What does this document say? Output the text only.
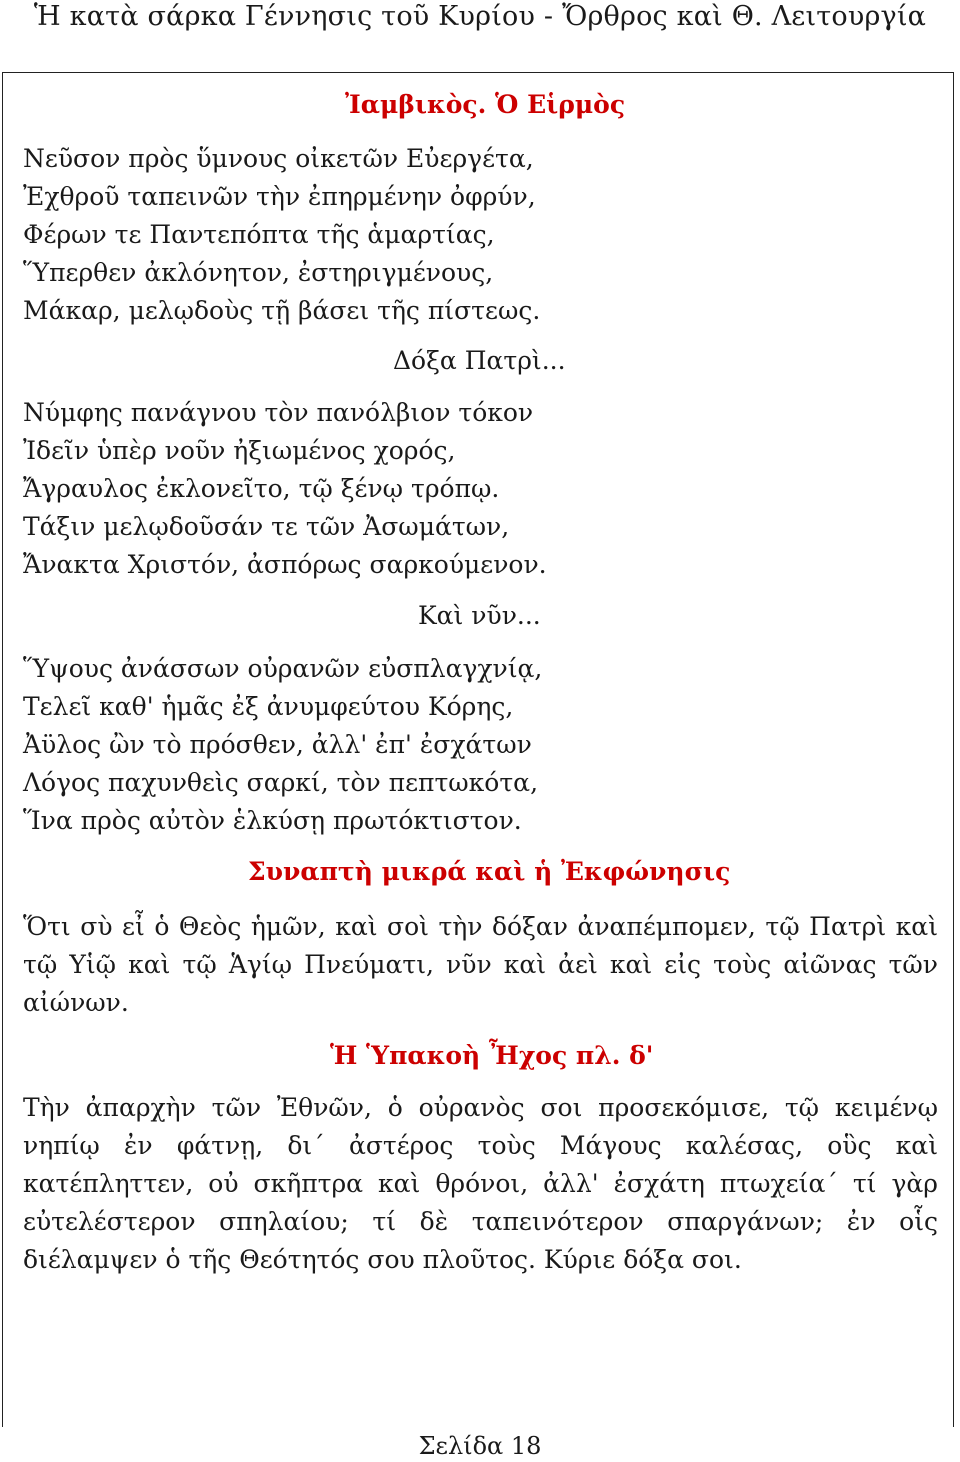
Ἡ κατὰ σάρκα Γέννησις τοῦ Κυρίου - Ὄρθρος καὶ Θ. Λειτουργία
Ἰαμβικὸς. Ὁ Εἱρμὸς
Νεῦσον πρὸς ὕμνους οἰκετῶν Εὐεργέτα,
Ἐχθροῦ ταπεινῶν τὴν ἐπηρμένην ὀφρύν,
Φέρων τε Παντεπόπτα τῆς ἁμαρτίας,
Ὕπερθεν ἀκλόνητον, ἐστηριγμένους,
Μάκαρ, μελῳδοὺς τῇ βάσει τῆς πίστεως.
Δόξα Πατρὶ...
Νύμφης πανάγνου τὸν πανόλβιον τόκον
Ἰδεῖν ὑπὲρ νοῦν ἠξιωμένος χορός,
Ἄγραυλος ἐκλονεῖτο, τῷ ξένῳ τρόπῳ.
Τάξιν μελῳδοῦσάν τε τῶν Ἀσωμάτων,
Ἄνακτα Χριστόν, ἀσπόρως σαρκούμενον.
Καὶ νῦν...
Ὕψους ἀνάσσων οὐρανῶν εὐσπλαγχνίᾳ,
Τελεῖ καθ' ἡμᾶς ἐξ ἀνυμφεύτου Κόρης,
Ἀϋλος ὢν τὸ πρόσθεν, ἀλλ' ἐπ' ἐσχάτων
Λόγος παχυνθεὶς σαρκί, τὸν πεπτωκότα,
Ἵνα πρὸς αὐτὸν ἑλκύσῃ πρωτόκτιστον.
Συναπτὴ μικρά καὶ ἡ Ἐκφώνησις
Ὅτι σὺ εἶ ὁ Θεὸς ἡμῶν, καὶ σοὶ τὴν δόξαν ἀναπέμπομεν, τῷ Πατρὶ καὶ τῷ Υἱῷ καὶ τῷ Ἁγίῳ Πνεύματι, νῦν καὶ ἀεὶ καὶ εἰς τοὺς αἰῶνας τῶν αἰώνων.
Ἡ Ὑπακοὴ Ἦχος πλ. δ'
Τὴν ἀπαρχὴν τῶν Ἐθνῶν, ὁ οὐρανὸς σοι προσεκόμισε, τῷ κειμένῳ νηπίῳ ἐν φάτνῃ, δι΄ ἀστέρος τοὺς Μάγους καλέσας, οὓς καὶ κατέπληττεν, οὐ σκῆπτρα καὶ θρόνοι, ἀλλ' ἐσχάτη πτωχεία΄ τί γὰρ εὐτελέστερον σπηλαίου; τί δὲ ταπεινότερον σπαργάνων; ἐν οἷς διέλαμψεν ὁ τῆς Θεότητός σου πλοῦτος. Κύριε δόξα σοι.
Σελίδα 18
